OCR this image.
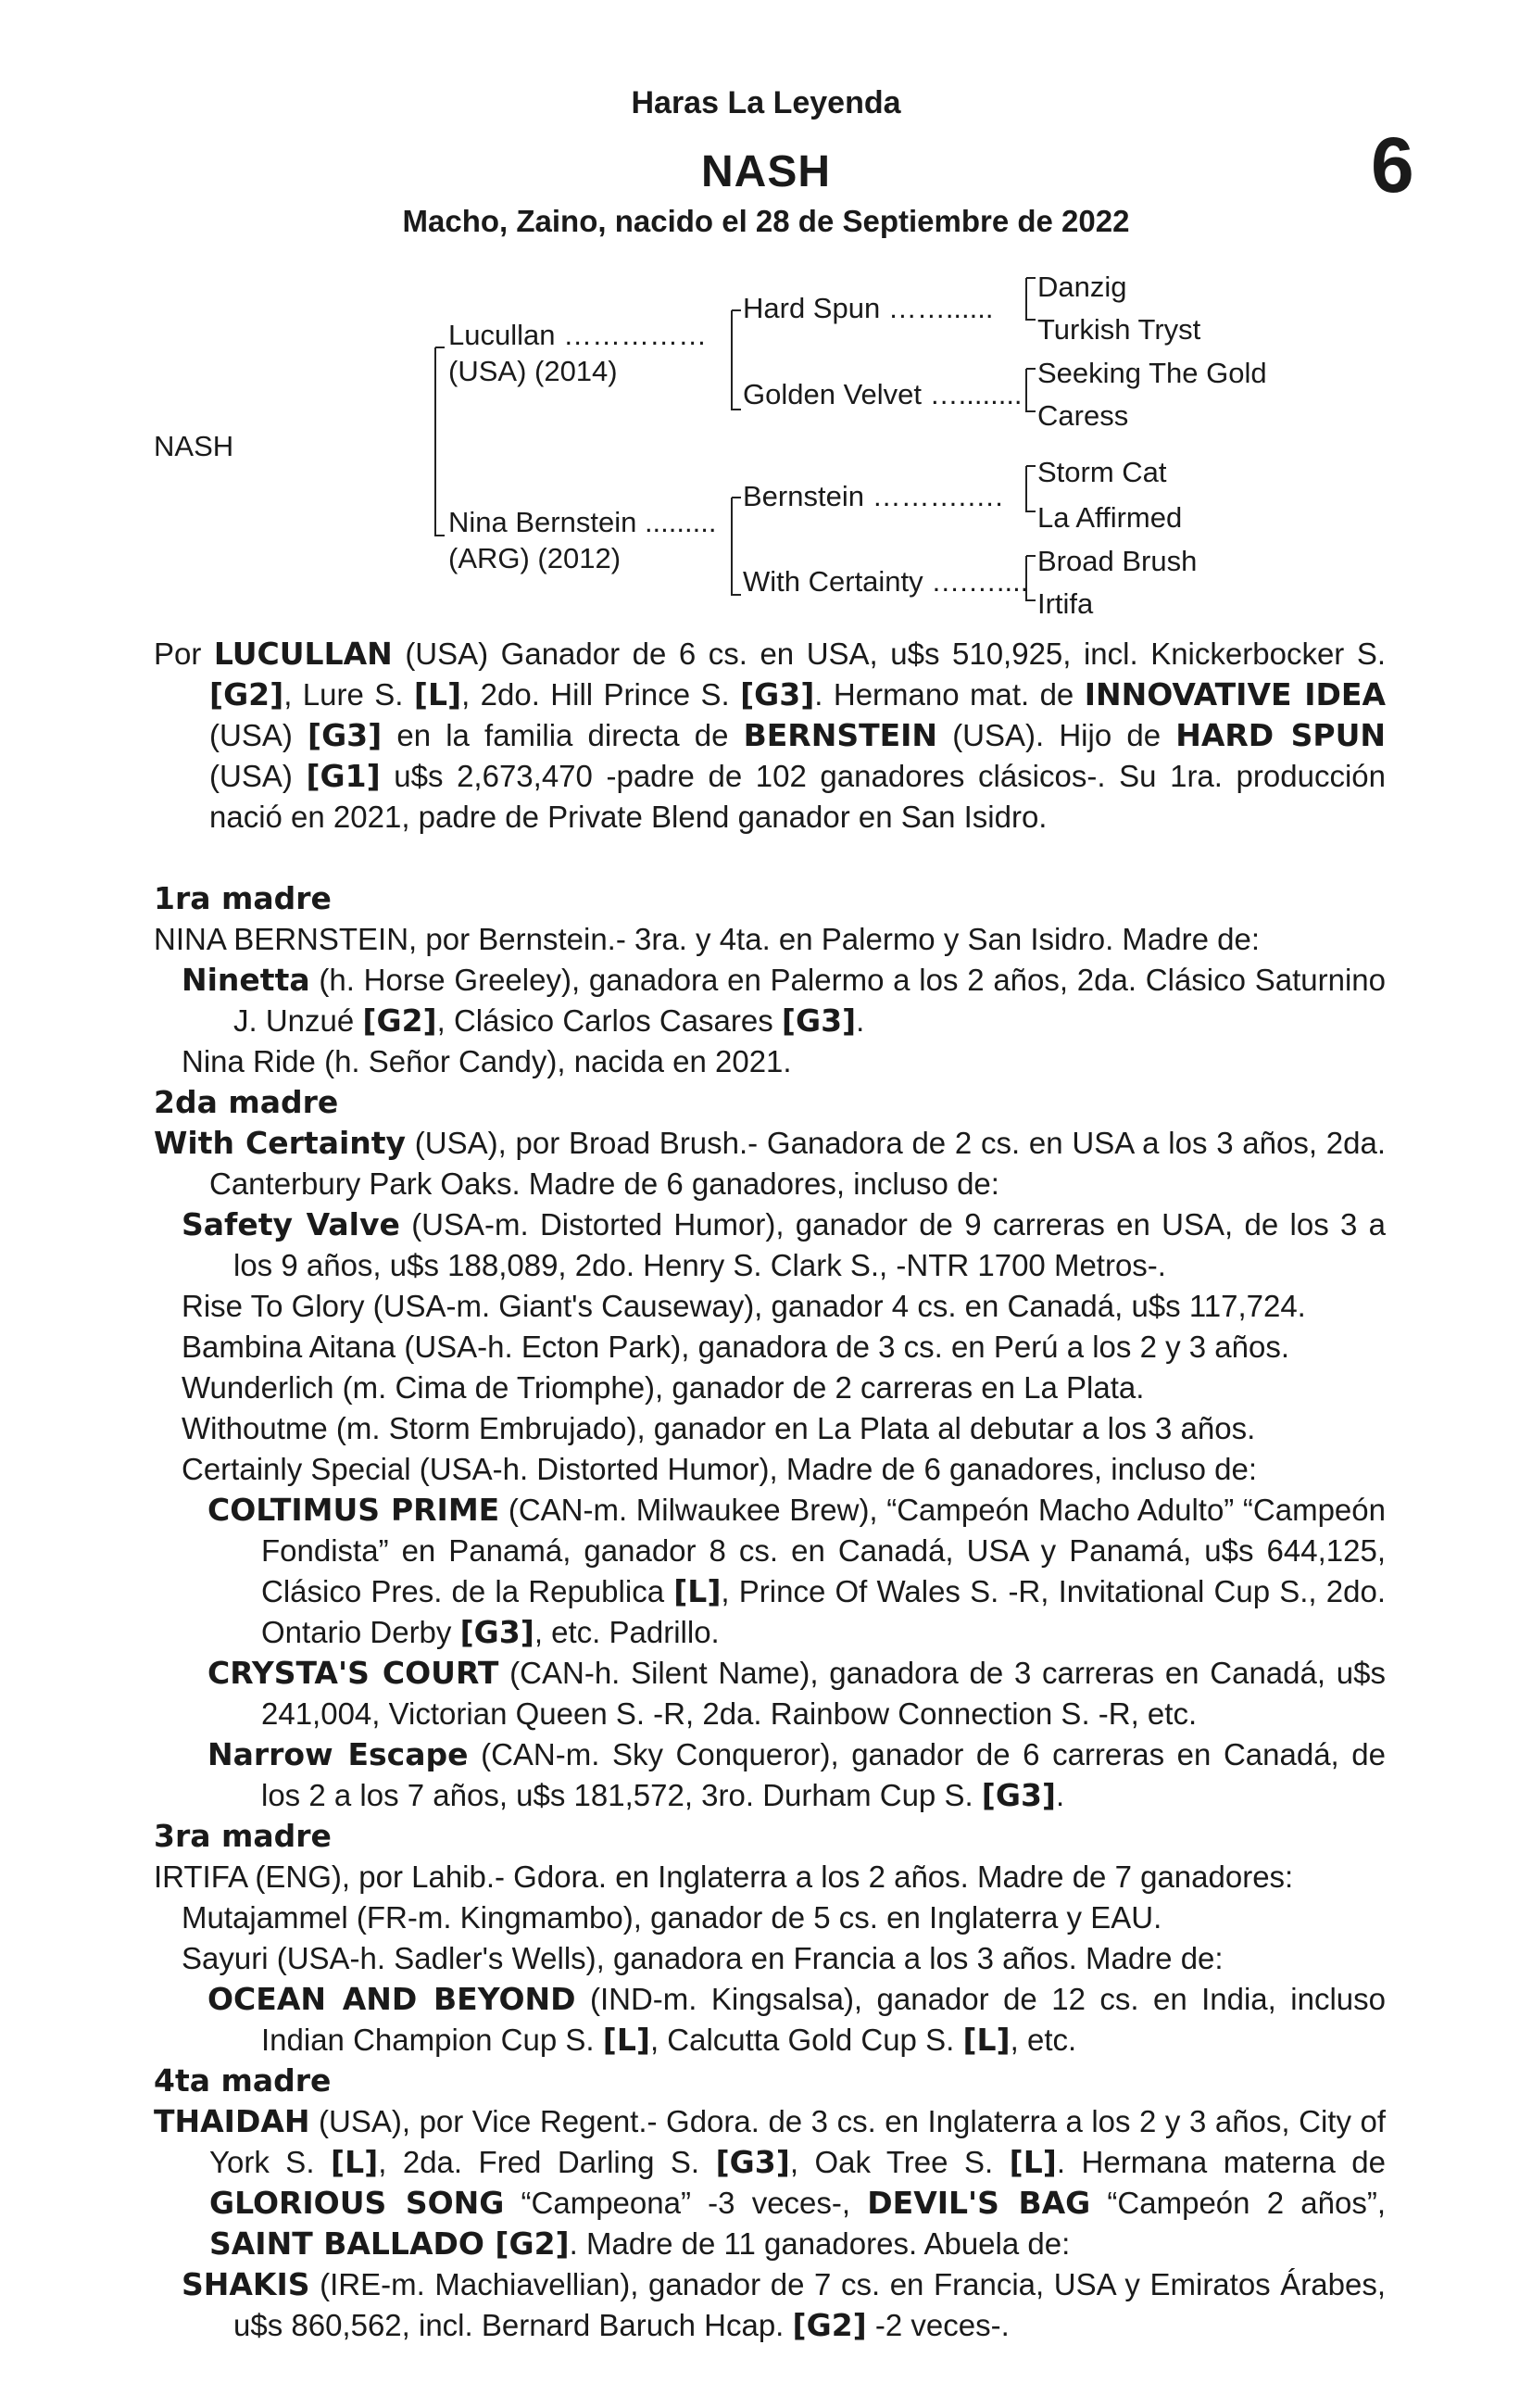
Haras La Leyenda
NASH	6
Macho, Zaino, nacido el 28 de Septiembre de 2022
NASH
Lucullan ……………
(USA) (2014)
Nina Bernstein .........
(ARG) (2012)
Hard Spun ……......
Golden Velvet …........
Bernstein ……….….
With Certainty ….…....
Danzig
Turkish Tryst
Seeking The Gold
Caress
Storm Cat
La Affirmed
Broad Brush
Irtifa

Por LUCULLAN (USA) Ganador de 6 cs. en USA, u$s 510,925, incl. Knickerbocker S. [G2], Lure S. [L], 2do. Hill Prince S. [G3]. Hermano mat. de INNOVATIVE IDEA (USA) [G3] en la familia directa de BERNSTEIN (USA). Hijo de HARD SPUN (USA) [G1] u$s 2,673,470 -padre de 102 ganadores clásicos-. Su 1ra. producción nació en 2021, padre de Private Blend ganador en San Isidro.

1ra madre

NINA BERNSTEIN, por Bernstein.- 3ra. y 4ta. en Palermo y San Isidro. Madre de:

Ninetta (h. Horse Greeley), ganadora en Palermo a los 2 años, 2da. Clásico Saturnino J. Unzué [G2], Clásico Carlos Casares [G3].

Nina Ride (h. Señor Candy), nacida en 2021.

2da madre

With Certainty (USA), por Broad Brush.- Ganadora de 2 cs. en USA a los 3 años, 2da. Canterbury Park Oaks. Madre de 6 ganadores, incluso de:

Safety Valve (USA-m. Distorted Humor), ganador de 9 carreras en USA, de los 3 a los 9 años, u$s 188,089, 2do. Henry S. Clark S., -NTR 1700 Metros-.

Rise To Glory (USA-m. Giant's Causeway), ganador 4 cs. en Canadá, u$s 117,724.

Bambina Aitana (USA-h. Ecton Park), ganadora de 3 cs. en Perú a los 2 y 3 años.

Wunderlich (m. Cima de Triomphe), ganador de 2 carreras en La Plata.

Withoutme (m. Storm Embrujado), ganador en La Plata al debutar a los 3 años.

Certainly Special (USA-h. Distorted Humor), Madre de 6 ganadores, incluso de:

COLTIMUS PRIME (CAN-m. Milwaukee Brew), “Campeón Macho Adulto” “Campeón Fondista” en Panamá, ganador 8 cs. en Canadá, USA y Panamá, u$s 644,125, Clásico Pres. de la Republica [L], Prince Of Wales S. -R, Invitational Cup S., 2do. Ontario Derby [G3], etc. Padrillo.

CRYSTA'S COURT (CAN-h. Silent Name), ganadora de 3 carreras en Canadá, u$s 241,004, Victorian Queen S. -R, 2da. Rainbow Connection S. -R, etc.

Narrow Escape (CAN-m. Sky Conqueror), ganador de 6 carreras en Canadá, de los 2 a los 7 años, u$s 181,572, 3ro. Durham Cup S. [G3].

3ra madre

IRTIFA (ENG), por Lahib.- Gdora. en Inglaterra a los 2 años. Madre de 7 ganadores:

Mutajammel (FR-m. Kingmambo), ganador de 5 cs. en Inglaterra y EAU.

Sayuri (USA-h. Sadler's Wells), ganadora en Francia a los 3 años. Madre de:

OCEAN AND BEYOND (IND-m. Kingsalsa), ganador de 12 cs. en India, incluso Indian Champion Cup S. [L], Calcutta Gold Cup S. [L], etc.

4ta madre

THAIDAH (USA), por Vice Regent.- Gdora. de 3 cs. en Inglaterra a los 2 y 3 años, City of York S. [L], 2da. Fred Darling S. [G3], Oak Tree S. [L]. Hermana materna de GLORIOUS SONG “Campeona” -3 veces-, DEVIL'S BAG “Campeón 2 años”, SAINT BALLADO [G2]. Madre de 11 ganadores. Abuela de:

SHAKIS (IRE-m. Machiavellian), ganador de 7 cs. en Francia, USA y Emiratos Árabes, u$s 860,562, incl. Bernard Baruch Hcap. [G2] -2 veces-.
